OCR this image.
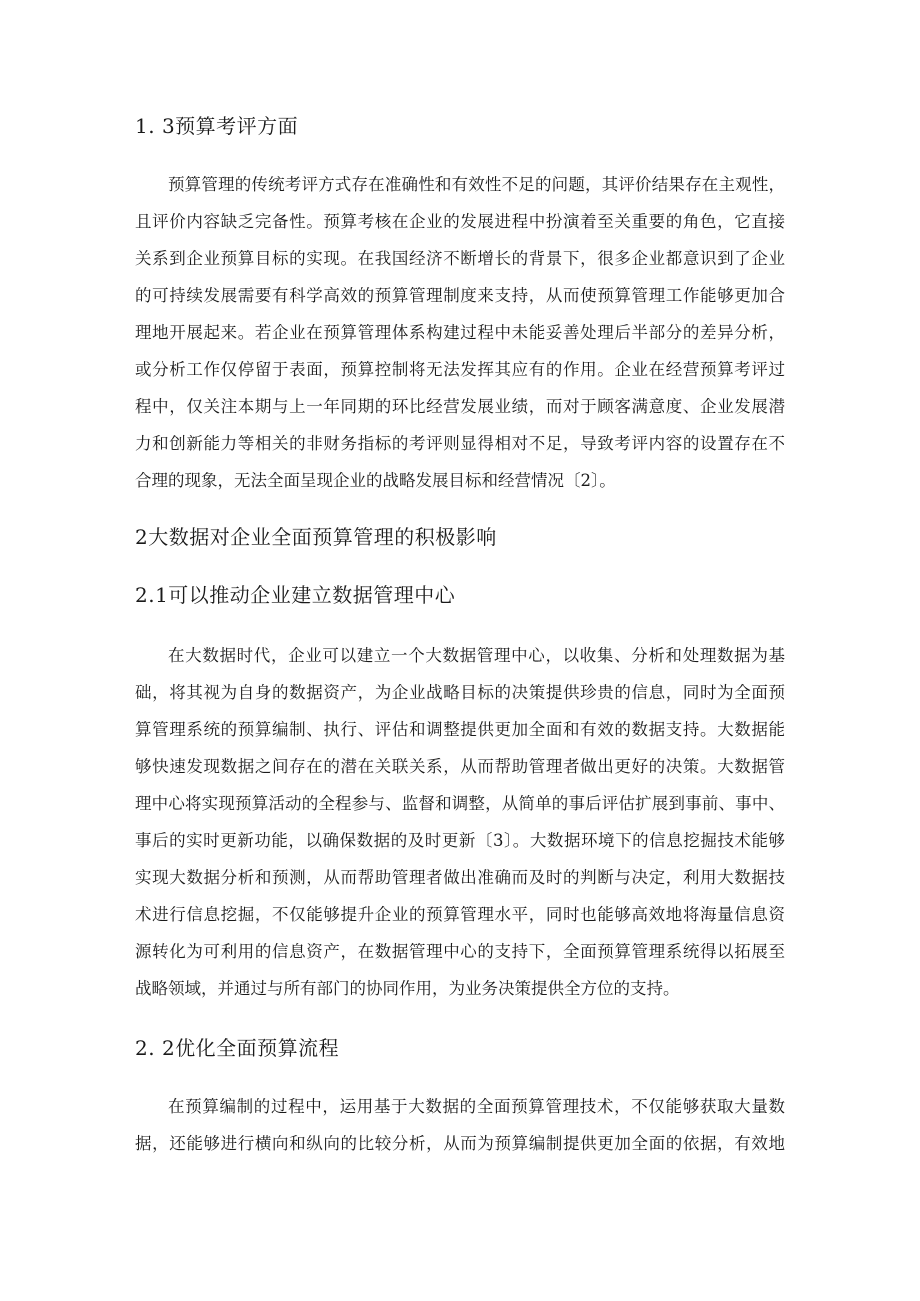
1. 3预算考评方面
预算管理的传统考评方式存在准确性和有效性不足的问题，其评价结果存在主观性，
且评价内容缺乏完备性。预算考核在企业的发展进程中扮演着至关重要的角色，它直接
关系到企业预算目标的实现。在我国经济不断增长的背景下，很多企业都意识到了企业
的可持续发展需要有科学高效的预算管理制度来支持，从而使预算管理工作能够更加合
理地开展起来。若企业在预算管理体系构建过程中未能妥善处理后半部分的差异分析，
或分析工作仅停留于表面，预算控制将无法发挥其应有的作用。企业在经营预算考评过
程中，仅关注本期与上一年同期的环比经营发展业绩，而对于顾客满意度、企业发展潜
力和创新能力等相关的非财务指标的考评则显得相对不足，导致考评内容的设置存在不
合理的现象，无法全面呈现企业的战略发展目标和经营情况〔2〕。
2大数据对企业全面预算管理的积极影响
2.1可以推动企业建立数据管理中心
在大数据时代，企业可以建立一个大数据管理中心，以收集、分析和处理数据为基
础，将其视为自身的数据资产，为企业战略目标的决策提供珍贵的信息，同时为全面预
算管理系统的预算编制、执行、评估和调整提供更加全面和有效的数据支持。大数据能
够快速发现数据之间存在的潜在关联关系，从而帮助管理者做出更好的决策。大数据管
理中心将实现预算活动的全程参与、监督和调整，从简单的事后评估扩展到事前、事中、
事后的实时更新功能，以确保数据的及时更新〔3〕。大数据环境下的信息挖掘技术能够
实现大数据分析和预测，从而帮助管理者做出准确而及时的判断与决定，利用大数据技
术进行信息挖掘，不仅能够提升企业的预算管理水平，同时也能够高效地将海量信息资
源转化为可利用的信息资产，在数据管理中心的支持下，全面预算管理系统得以拓展至
战略领域，并通过与所有部门的协同作用，为业务决策提供全方位的支持。
2. 2优化全面预算流程
在预算编制的过程中，运用基于大数据的全面预算管理技术，不仅能够获取大量数
据，还能够进行横向和纵向的比较分析，从而为预算编制提供更加全面的依据，有效地
